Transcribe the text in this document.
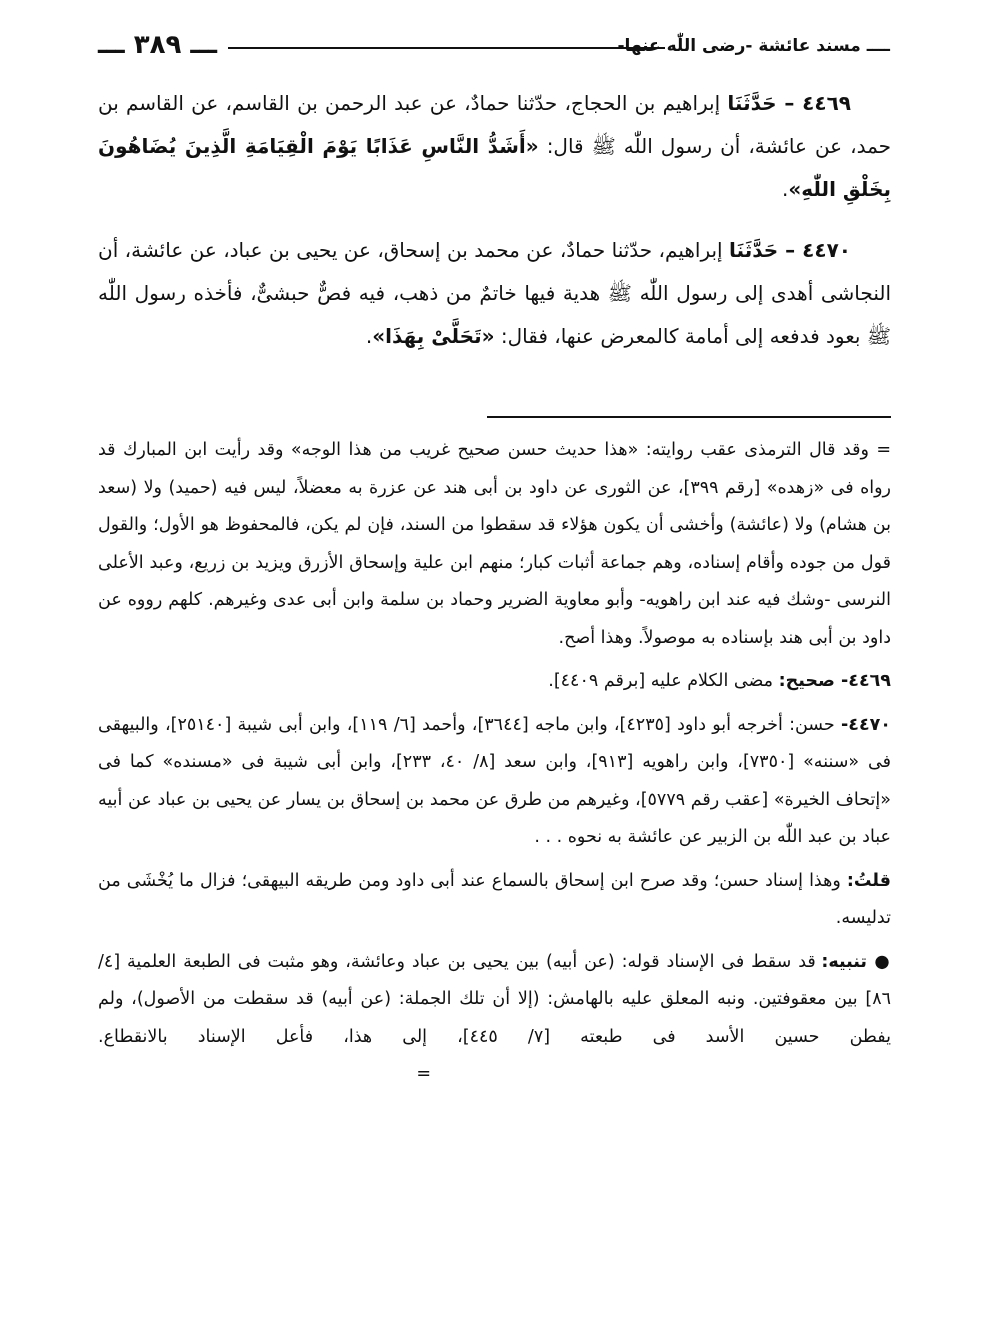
ــــ مسند عائشة -رضى اللّٰه عنها-
ـــ ٣٨٩ ـــ

٤٤٦٩ – حَدَّثَنَا إبراهيم بن الحجاج، حدّثنا حمادٌ، عن عبد الرحمن بن القاسم، عن القاسم بن حمد، عن عائشة، أن رسول اللّٰه ﷺ قال: «أَشَدُّ النَّاسِ عَذَابًا يَوْمَ الْقِيَامَةِ الَّذِينَ يُضَاهُونَ بِخَلْقِ اللّٰهِ».

٤٤٧٠ – حَدَّثَنَا إبراهيم، حدّثنا حمادٌ، عن محمد بن إسحاق، عن يحيى بن عباد، عن عائشة، أن النجاشى أهدى إلى رسول اللّٰه ﷺ هدية فيها خاتمٌ من ذهب، فيه فصٌّ حبشىٌّ، فأخذه رسول اللّٰه ﷺ بعود فدفعه إلى أمامة كالمعرض عنها، فقال: «تَحَلَّىْ بِهَذَا».

= وقد قال الترمذى عقب روايته: «هذا حديث حسن صحيح غريب من هذا الوجه» وقد رأيت ابن المبارك قد رواه فى «زهده» [رقم ٣٩٩]، عن الثورى عن داود بن أبى هند عن عزرة به معضلاً، ليس فيه (حميد) ولا (سعد بن هشام) ولا (عائشة) وأخشى أن يكون هؤلاء قد سقطوا من السند، فإن لم يكن، فالمحفوظ هو الأول؛ والقول قول من جوده وأقام إسناده، وهم جماعة أثبات كبار؛ منهم ابن علية وإسحاق الأزرق ويزيد بن زريع، وعبد الأعلى النرسى -وشك فيه عند ابن راهويه- وأبو معاوية الضرير وحماد بن سلمة وابن أبى عدى وغيرهم. كلهم رووه عن داود بن أبى هند بإسناده به موصولاً. وهذا أصح.

٤٤٦٩- صحيح: مضى الكلام عليه [برقم ٤٤٠٩].

٤٤٧٠- حسن: أخرجه أبو داود [٤٢٣٥]، وابن ماجه [٣٦٤٤]، وأحمد [٦/ ١١٩]، وابن أبى شيبة [٢٥١٤٠]، والبيهقى فى «سننه» [٧٣٥٠]، وابن راهويه [٩١٣]، وابن سعد [٨/ ٤٠، ٢٣٣]، وابن أبى شيبة فى «مسنده» كما فى «إتحاف الخيرة» [عقب رقم ٥٧٧٩]، وغيرهم من طرق عن محمد بن إسحاق بن يسار عن يحيى بن عباد عن أبيه عباد بن عبد اللّٰه بن الزبير عن عائشة به نحوه . . .

قلتُ: وهذا إسناد حسن؛ وقد صرح ابن إسحاق بالسماع عند أبى داود ومن طريقه البيهقى؛ فزال ما يُخْشَى من تدليسه.

● تنبيه: قد سقط فى الإسناد قوله: (عن أبيه) بين يحيى بن عباد وعائشة، وهو مثبت فى الطبعة العلمية [٤/ ٨٦] بين معقوفتين. ونبه المعلق عليه بالهامش: (إلا أن تلك الجملة: (عن أبيه) قد سقطت من الأصول)، ولم يفطن حسين الأسد فى طبعته [٧/ ٤٤٥]، إلى هذا، فأعل الإسناد بالانقطاع. =
